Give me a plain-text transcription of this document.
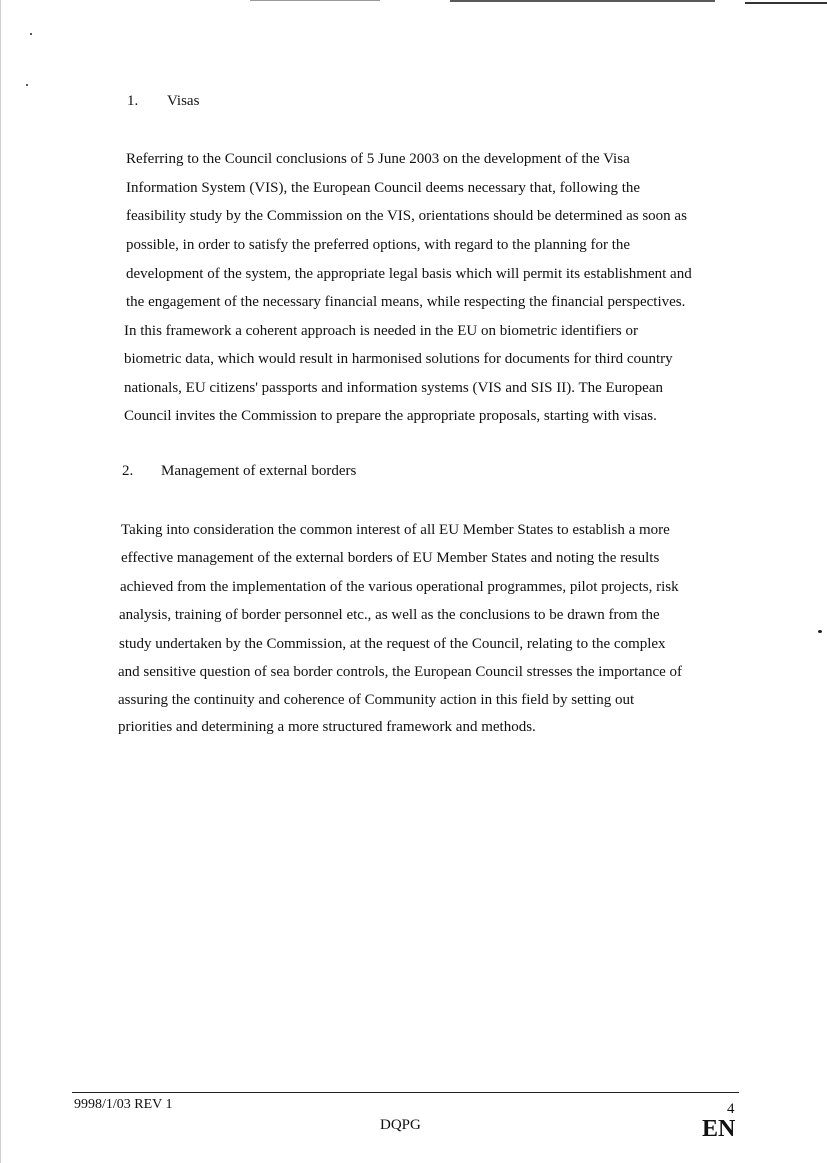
1. Visas
Referring to the Council conclusions of 5 June 2003 on the development of the Visa
Information System (VIS), the European Council deems necessary that, following the
feasibility study by the Commission on the VIS, orientations should be determined as soon as
possible, in order to satisfy the preferred options, with regard to the planning for the
development of the system, the appropriate legal basis which will permit its establishment and
the engagement of the necessary financial means, while respecting the financial perspectives.
In this framework a coherent approach is needed in the EU on biometric identifiers or
biometric data, which would result in harmonised solutions for documents for third country
nationals, EU citizens' passports and information systems (VIS and SIS II). The European
Council invites the Commission to prepare the appropriate proposals, starting with visas.
2. Management of external borders
Taking into consideration the common interest of all EU Member States to establish a more
effective management of the external borders of EU Member States and noting the results
achieved from the implementation of the various operational programmes, pilot projects, risk
analysis, training of border personnel etc., as well as the conclusions to be drawn from the
study undertaken by the Commission, at the request of the Council, relating to the complex
and sensitive question of sea border controls, the European Council stresses the importance of
assuring the continuity and coherence of Community action in this field by setting out
priorities and determining a more structured framework and methods.
9998/1/03 REV 1
DQPG
4
EN
